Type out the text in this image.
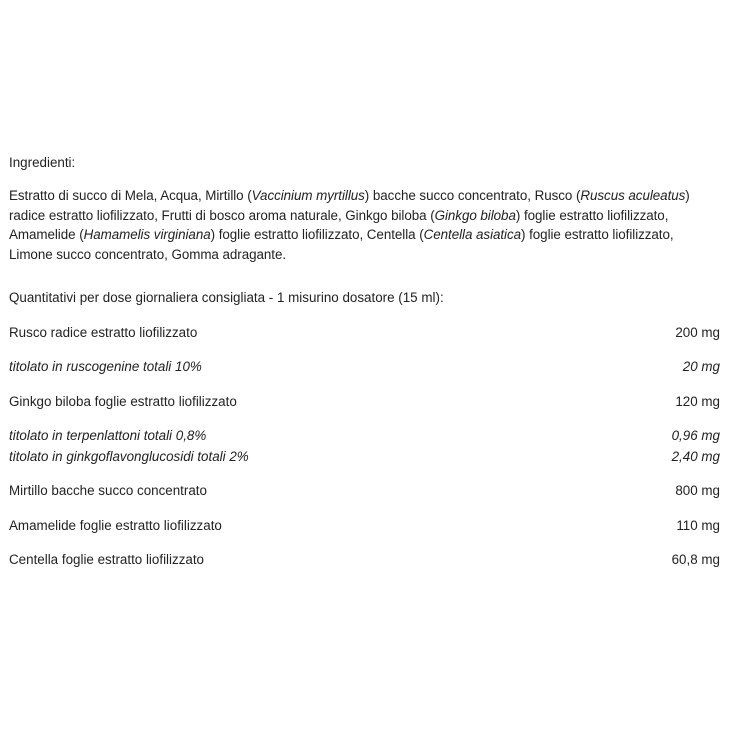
Ingredienti:
Estratto di succo di Mela, Acqua, Mirtillo (Vaccinium myrtillus) bacche succo concentrato, Rusco (Ruscus aculeatus) radice estratto liofilizzato, Frutti di bosco aroma naturale, Ginkgo biloba (Ginkgo biloba) foglie estratto liofilizzato, Amamelide (Hamamelis virginiana) foglie estratto liofilizzato, Centella (Centella asiatica) foglie estratto liofilizzato, Limone succo concentrato, Gomma adragante.
Quantitativi per dose giornaliera consigliata - 1 misurino dosatore (15 ml):
Rusco radice estratto liofilizzato	200 mg
titolato in ruscogenine totali 10%	20 mg
Ginkgo biloba foglie estratto liofilizzato	120 mg
titolato in terpenlattoni totali 0,8%	0,96 mg
titolato in ginkgoflavonglucosidi totali 2%	2,40 mg
Mirtillo bacche succo concentrato	800 mg
Amamelide foglie estratto liofilizzato	110 mg
Centella foglie estratto liofilizzato	60,8 mg
